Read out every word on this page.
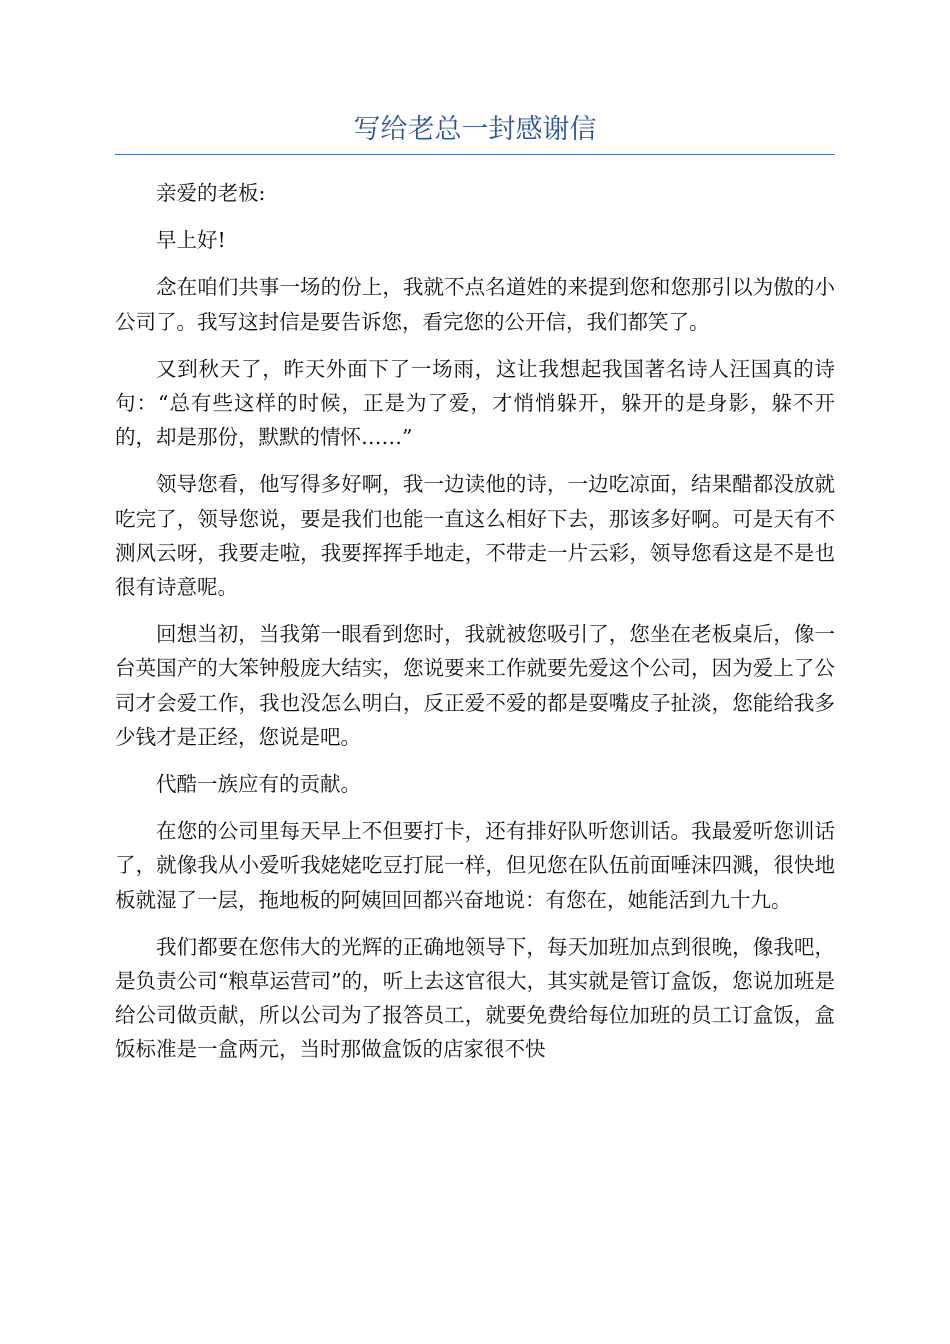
写给老总一封感谢信

亲爱的老板:

早上好!

念在咱们共事一场的份上，我就不点名道姓的来提到您和您那引以为傲的小公司了。我写这封信是要告诉您，看完您的公开信，我们都笑了。

又到秋天了，昨天外面下了一场雨，这让我想起我国著名诗人汪国真的诗句：“总有些这样的时候，正是为了爱，才悄悄躲开，躲开的是身影，躲不开的，却是那份，默默的情怀……”

领导您看，他写得多好啊，我一边读他的诗，一边吃凉面，结果醋都没放就吃完了，领导您说，要是我们也能一直这么相好下去，那该多好啊。可是天有不测风云呀，我要走啦，我要挥挥手地走，不带走一片云彩，领导您看这是不是也很有诗意呢。

回想当初，当我第一眼看到您时，我就被您吸引了，您坐在老板桌后，像一台英国产的大笨钟般庞大结实，您说要来工作就要先爱这个公司，因为爱上了公司才会爱工作，我也没怎么明白，反正爱不爱的都是耍嘴皮子扯淡，您能给我多少钱才是正经，您说是吧。

代酷一族应有的贡献。

在您的公司里每天早上不但要打卡，还有排好队听您训话。我最爱听您训话了，就像我从小爱听我姥姥吃豆打屁一样，但见您在队伍前面唾沫四溅，很快地板就湿了一层，拖地板的阿姨回回都兴奋地说：有您在，她能活到九十九。

我们都要在您伟大的光辉的正确地领导下，每天加班加点到很晚，像我吧，是负责公司“粮草运营司”的，听上去这官很大，其实就是管订盒饭，您说加班是给公司做贡献，所以公司为了报答员工，就要免费给每位加班的员工订盒饭，盒饭标准是一盒两元，当时那做盒饭的店家很不快
